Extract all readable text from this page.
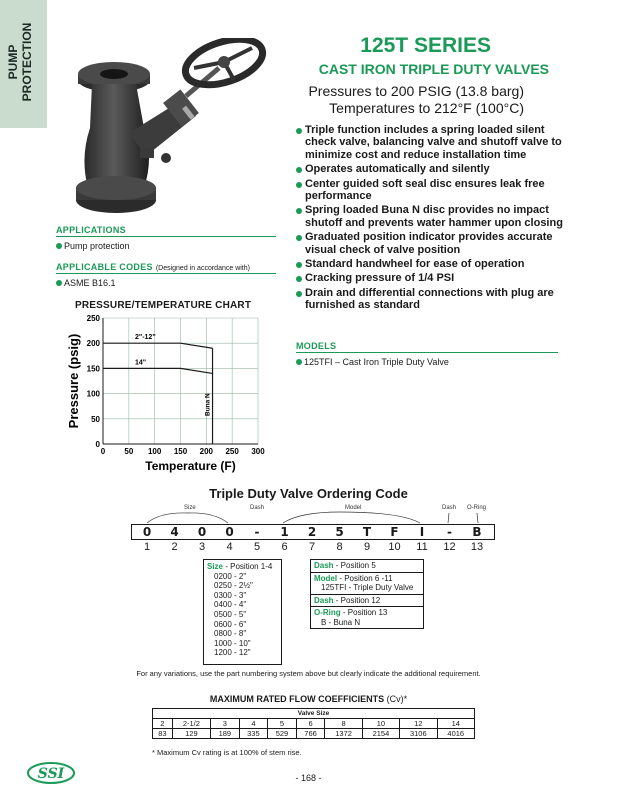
PUMP PROTECTION	125T SERIES
CAST IRON TRIPLE DUTY VALVES
Pressures to 200 PSIG (13.8 barg)
Temperatures to 212°F (100°C)
Triple function includes a spring loaded silent check valve, balancing valve and shutoff valve to minimize cost and reduce installation time
Operates automatically and silently
Center guided soft seal disc ensures leak free performance
Spring loaded Buna N disc provides no impact shutoff and prevents water hammer upon closing
Graduated position indicator provides accurate visual check of valve position
Standard handwheel for ease of operation
Cracking pressure of 1/4 PSI
Drain and differential connections with plug are furnished as standard
MODELS
125TFI – Cast Iron Triple Duty Valve
APPLICATIONS
Pump protection
APPLICABLE CODES (Designed in accordance with)
ASME B16.1
PRESSURE/TEMPERATURE CHART
0 50 100 150 200 250 300
0
50
100
150
200
250
2"-12"
14"
Buna N
Temperature (F)
Pressure (psig)
Triple Duty Valve Ordering Code
Size	Dash	Model	Dash O-Ring
0	4	0	0	-	1	2	5	T	F	I	-	B
1	2	3	4	5	6	7	8	9	10	11	12	13
Size - Position 1-4
0200 - 2"
0250 - 2½"
0300 - 3"
0400 - 4"
0500 - 5"
0600 - 6"
0800 - 8"
1000 - 10"
1200 - 12"
Dash - Position 5
Model - Position 6 -11
125TFI - Triple Duty Valve
Dash - Position 12
O-Ring - Position 13
B - Buna N
For any variations, use the part numbering system above but clearly indicate the additional requirement.
MAXIMUM RATED FLOW COEFFICIENTS (Cv)*
Valve Size									
2	2-1/2	3	4	5	6	8	10	12	14
83	129	189	335	529	766	1372	2154	3106	4016
* Maximum Cv rating is at 100% of stem rise.
SSI	- 168 -
